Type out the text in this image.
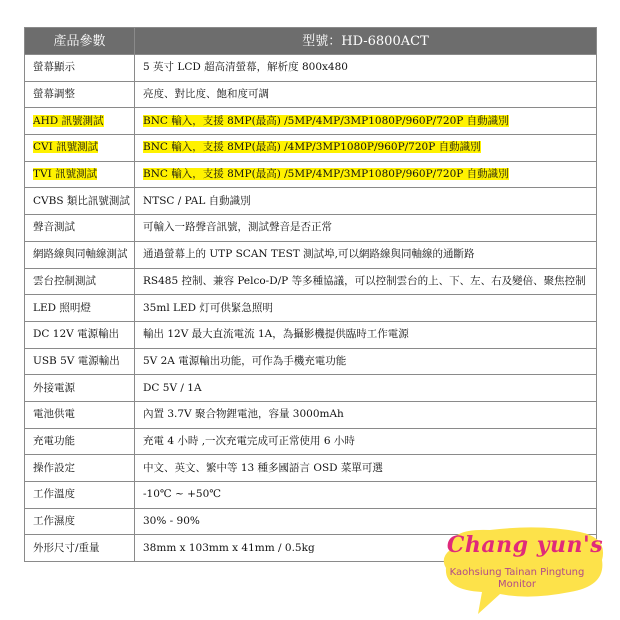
產品參數	型號：HD-6800ACT
螢幕顯示	5 英寸 LCD 超高清螢幕，解析度 800x480
螢幕調整	亮度、對比度、飽和度可調
AHD 訊號測試	BNC 輸入，支援 8MP(最高) /5MP/4MP/3MP1080P/960P/720P 自動識別
CVI 訊號測試	BNC 輸入，支援 8MP(最高) /4MP/3MP1080P/960P/720P 自動識別
TVI 訊號測試	BNC 輸入，支援 8MP(最高) /5MP/4MP/3MP1080P/960P/720P 自動識別
CVBS 類比訊號測試	NTSC / PAL 自動識別
聲音測試	可輸入一路聲音訊號，測試聲音是否正常
網路線與同軸線測試	通過螢幕上的 UTP SCAN TEST 測試埠,可以網路線與同軸線的通斷路
雲台控制測試	RS485 控制、兼容 Pelco-D/P 等多種協議，可以控制雲台的上、下、左、右及變倍、聚焦控制
LED 照明燈	35ml LED 灯可供緊急照明
DC 12V 電源輸出	輸出 12V 最大直流電流 1A，為攝影機提供臨時工作電源
USB 5V 電源輸出	5V 2A 電源輸出功能，可作為手機充電功能
外接電源	DC 5V / 1A
電池供電	內置 3.7V 聚合物鋰電池，容量 3000mAh
充電功能	充電 4 小時 ,一次充電完成可正常使用 6 小時
操作設定	中文、英文、繁中等 13 種多國語言 OSD 菜單可選
工作溫度	-10℃ ~ +50℃
工作濕度	30% - 90%
外形尺寸/重量	38mm x 103mm x 41mm / 0.5kg	Chang yun's
Kaohsiung Tainan Pingtung
Monitor
